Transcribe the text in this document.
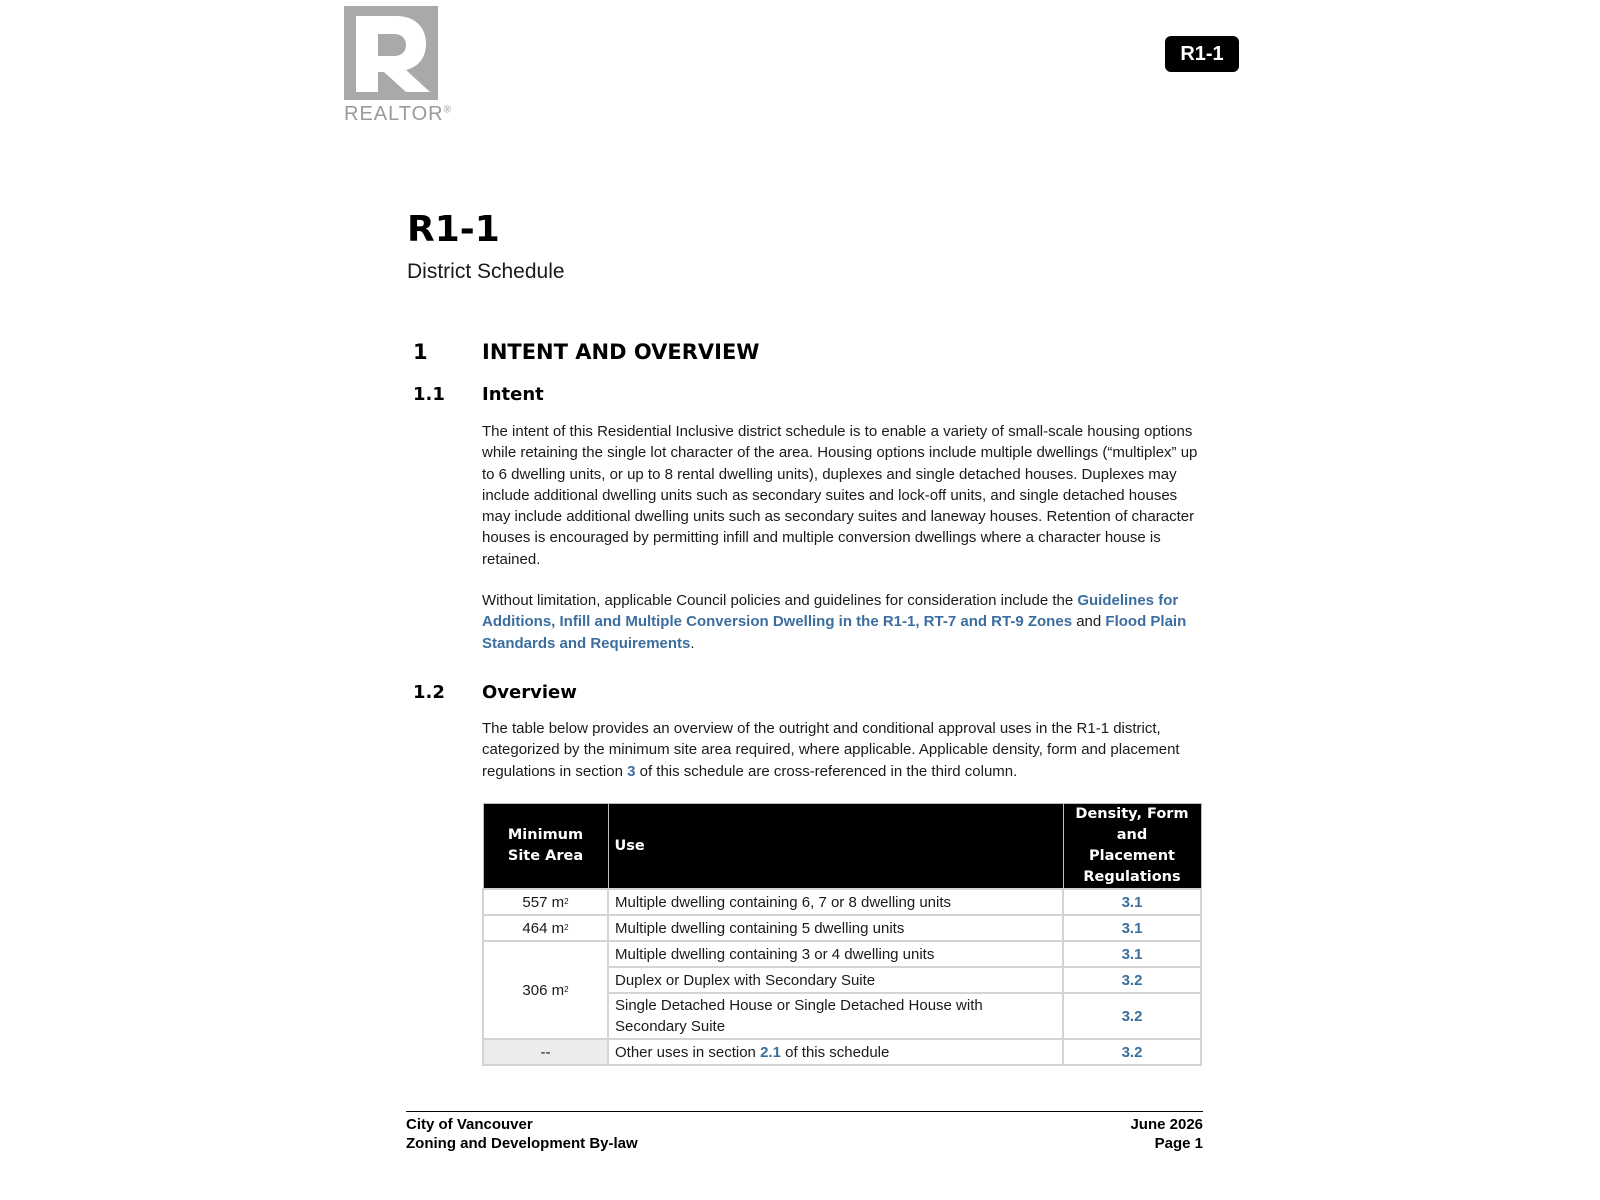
REALTOR®
R1-1
R1-1
District Schedule
1	INTENT AND OVERVIEW
1.1 Intent

The intent of this Residential Inclusive district schedule is to enable a variety of small-scale housing options while retaining the single lot character of the area. Housing options include multiple dwellings (“multiplex” up to 6 dwelling units, or up to 8 rental dwelling units), duplexes and single detached houses. Duplexes may include additional dwelling units such as secondary suites and lock-off units, and single detached houses may include additional dwelling units such as secondary suites and laneway houses. Retention of character houses is encouraged by permitting infill and multiple conversion dwellings where a character house is retained.

Without limitation, applicable Council policies and guidelines for consideration include the Guidelines for Additions, Infill and Multiple Conversion Dwelling in the R1-1, RT-7 and RT-9 Zones and Flood Plain Standards and Requirements.

1.2 Overview

The table below provides an overview of the outright and conditional approval uses in the R1-1 district, categorized by the minimum site area required, where applicable. Applicable density, form and placement regulations in section 3 of this schedule are cross-referenced in the third column.

Minimum Site Area	Use	Density, Form and Placement Regulations
557 $m^2$	Multiple dwelling containing 6, 7 or 8 dwelling units	3.1
464 $m^2$	Multiple dwelling containing 5 dwelling units	3.1
306 $m^2$	Multiple dwelling containing 3 or 4 dwelling units	3.1
	Duplex or Duplex with Secondary Suite	3.2
	Single Detached House or Single Detached House with Secondary Suite	3.2
--	Other uses in section 2.1 of this schedule	3.2
City of Vancouver
Zoning and Development By-law
June 2026
Page 1
